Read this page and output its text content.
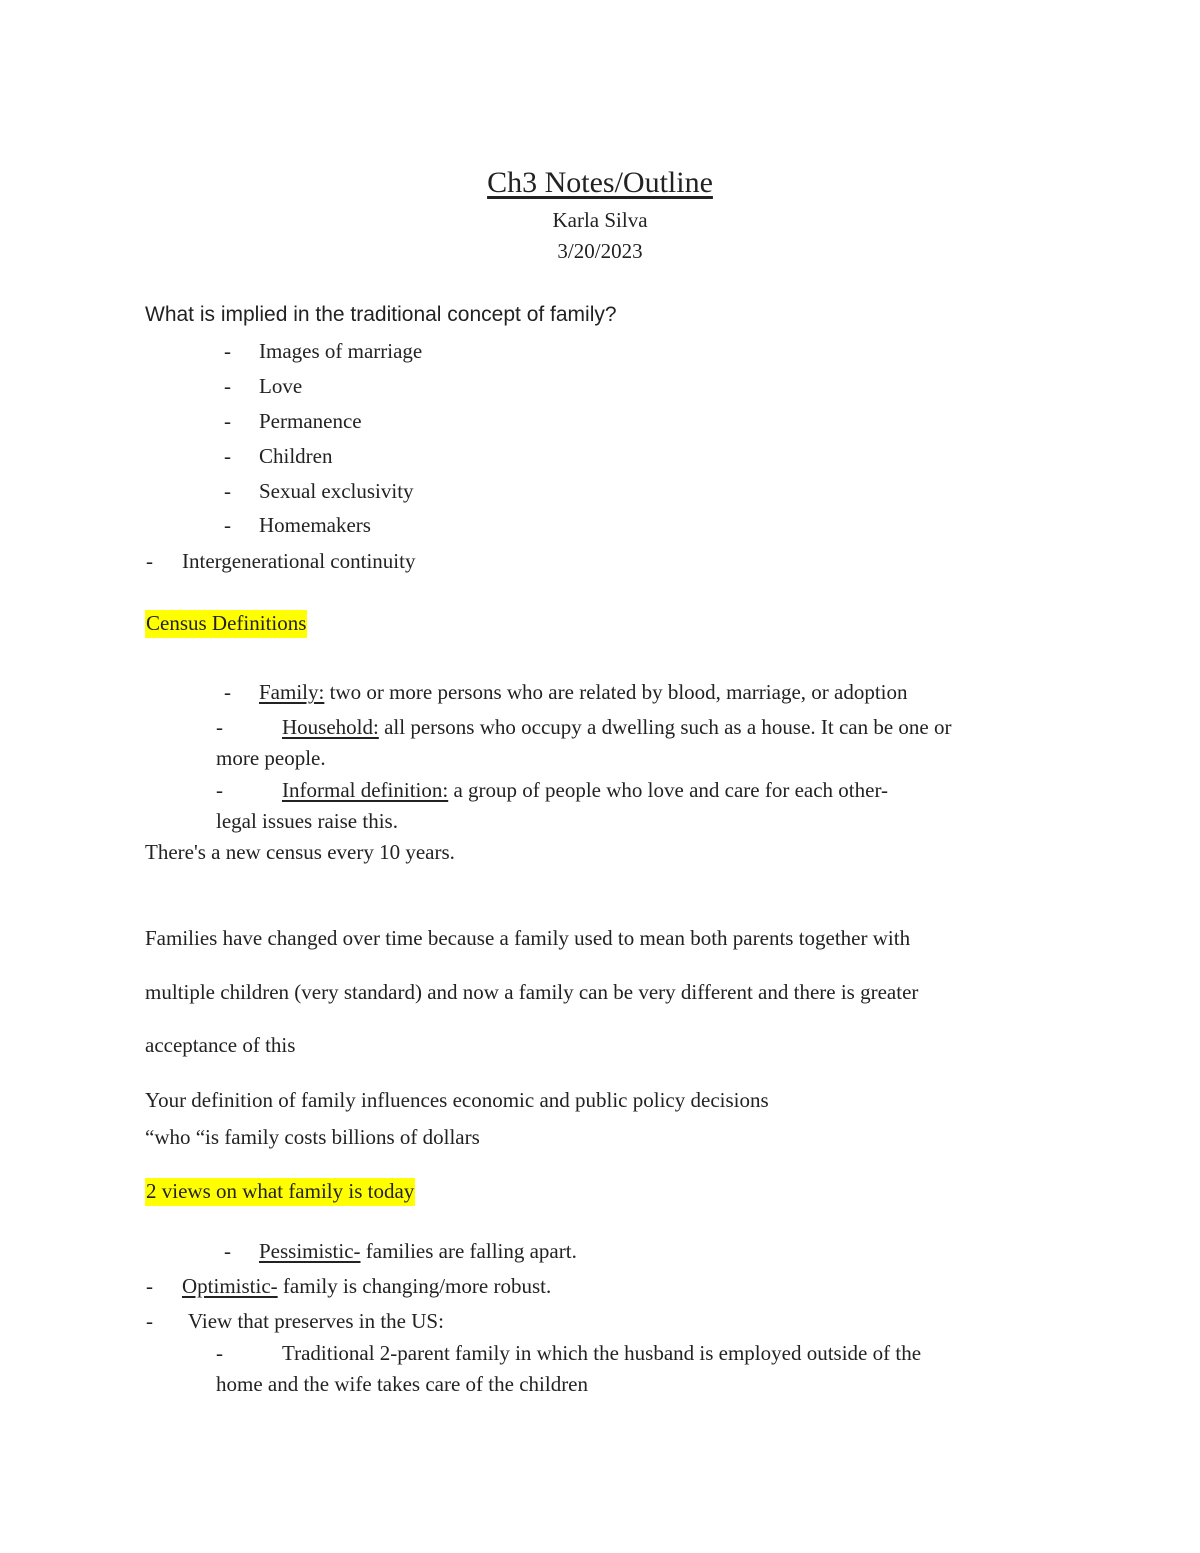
Ch3 Notes/Outline
Karla Silva
3/20/2023
What is implied in the traditional concept of family?
- Images of marriage
- Love
- Permanence
- Children
- Sexual exclusivity
- Homemakers
- Intergenerational continuity
Census Definitions
- Family: two or more persons who are related by blood, marriage, or adoption
-	Household: all persons who occupy a dwelling such as a house. It can be one or
more people.
-	Informal definition: a group of people who love and care for each other-
legal issues raise this.
There's a new census every 10 years.
Families have changed over time because a family used to mean both parents together with
multiple children (very standard) and now a family can be very different and there is greater
acceptance of this
Your definition of family influences economic and public policy decisions
“who “is family costs billions of dollars
2 views on what family is today
- Pessimistic- families are falling apart.
- Optimistic- family is changing/more robust.
- View that preserves in the US:
-	Traditional 2-parent family in which the husband is employed outside of the
home and the wife takes care of the children
